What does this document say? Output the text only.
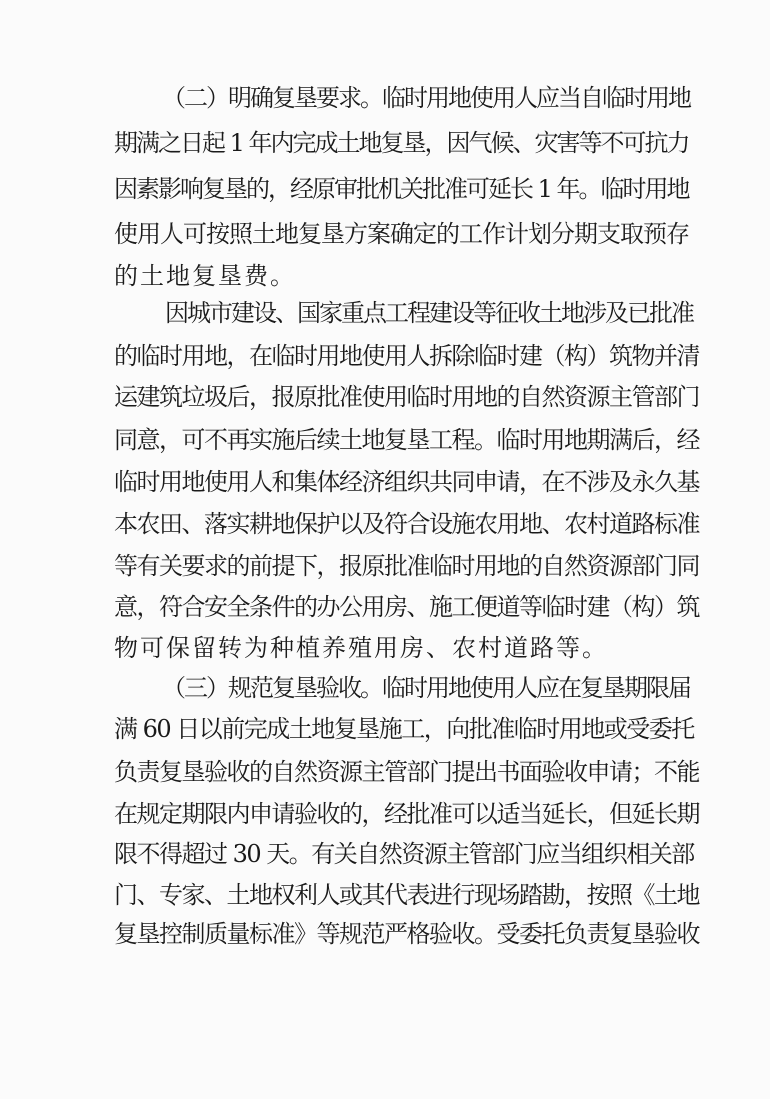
（二）明确复垦要求。临时用地使用人应当自临时用地
期满之日起 1 年内完成土地复垦，因气候、灾害等不可抗力
因素影响复垦的，经原审批机关批准可延长 1 年。临时用地
使用人可按照土地复垦方案确定的工作计划分期支取预存
的土地复垦费。
因城市建设、国家重点工程建设等征收土地涉及已批准
的临时用地，在临时用地使用人拆除临时建（构）筑物并清
运建筑垃圾后，报原批准使用临时用地的自然资源主管部门
同意，可不再实施后续土地复垦工程。临时用地期满后，经
临时用地使用人和集体经济组织共同申请，在不涉及永久基
本农田、落实耕地保护以及符合设施农用地、农村道路标准
等有关要求的前提下，报原批准临时用地的自然资源部门同
意，符合安全条件的办公用房、施工便道等临时建（构）筑
物可保留转为种植养殖用房、农村道路等。
（三）规范复垦验收。临时用地使用人应在复垦期限届
满 60 日以前完成土地复垦施工，向批准临时用地或受委托
负责复垦验收的自然资源主管部门提出书面验收申请；不能
在规定期限内申请验收的，经批准可以适当延长，但延长期
限不得超过 30 天。有关自然资源主管部门应当组织相关部
门、专家、土地权利人或其代表进行现场踏勘，按照《土地
复垦控制质量标准》等规范严格验收。受委托负责复垦验收
